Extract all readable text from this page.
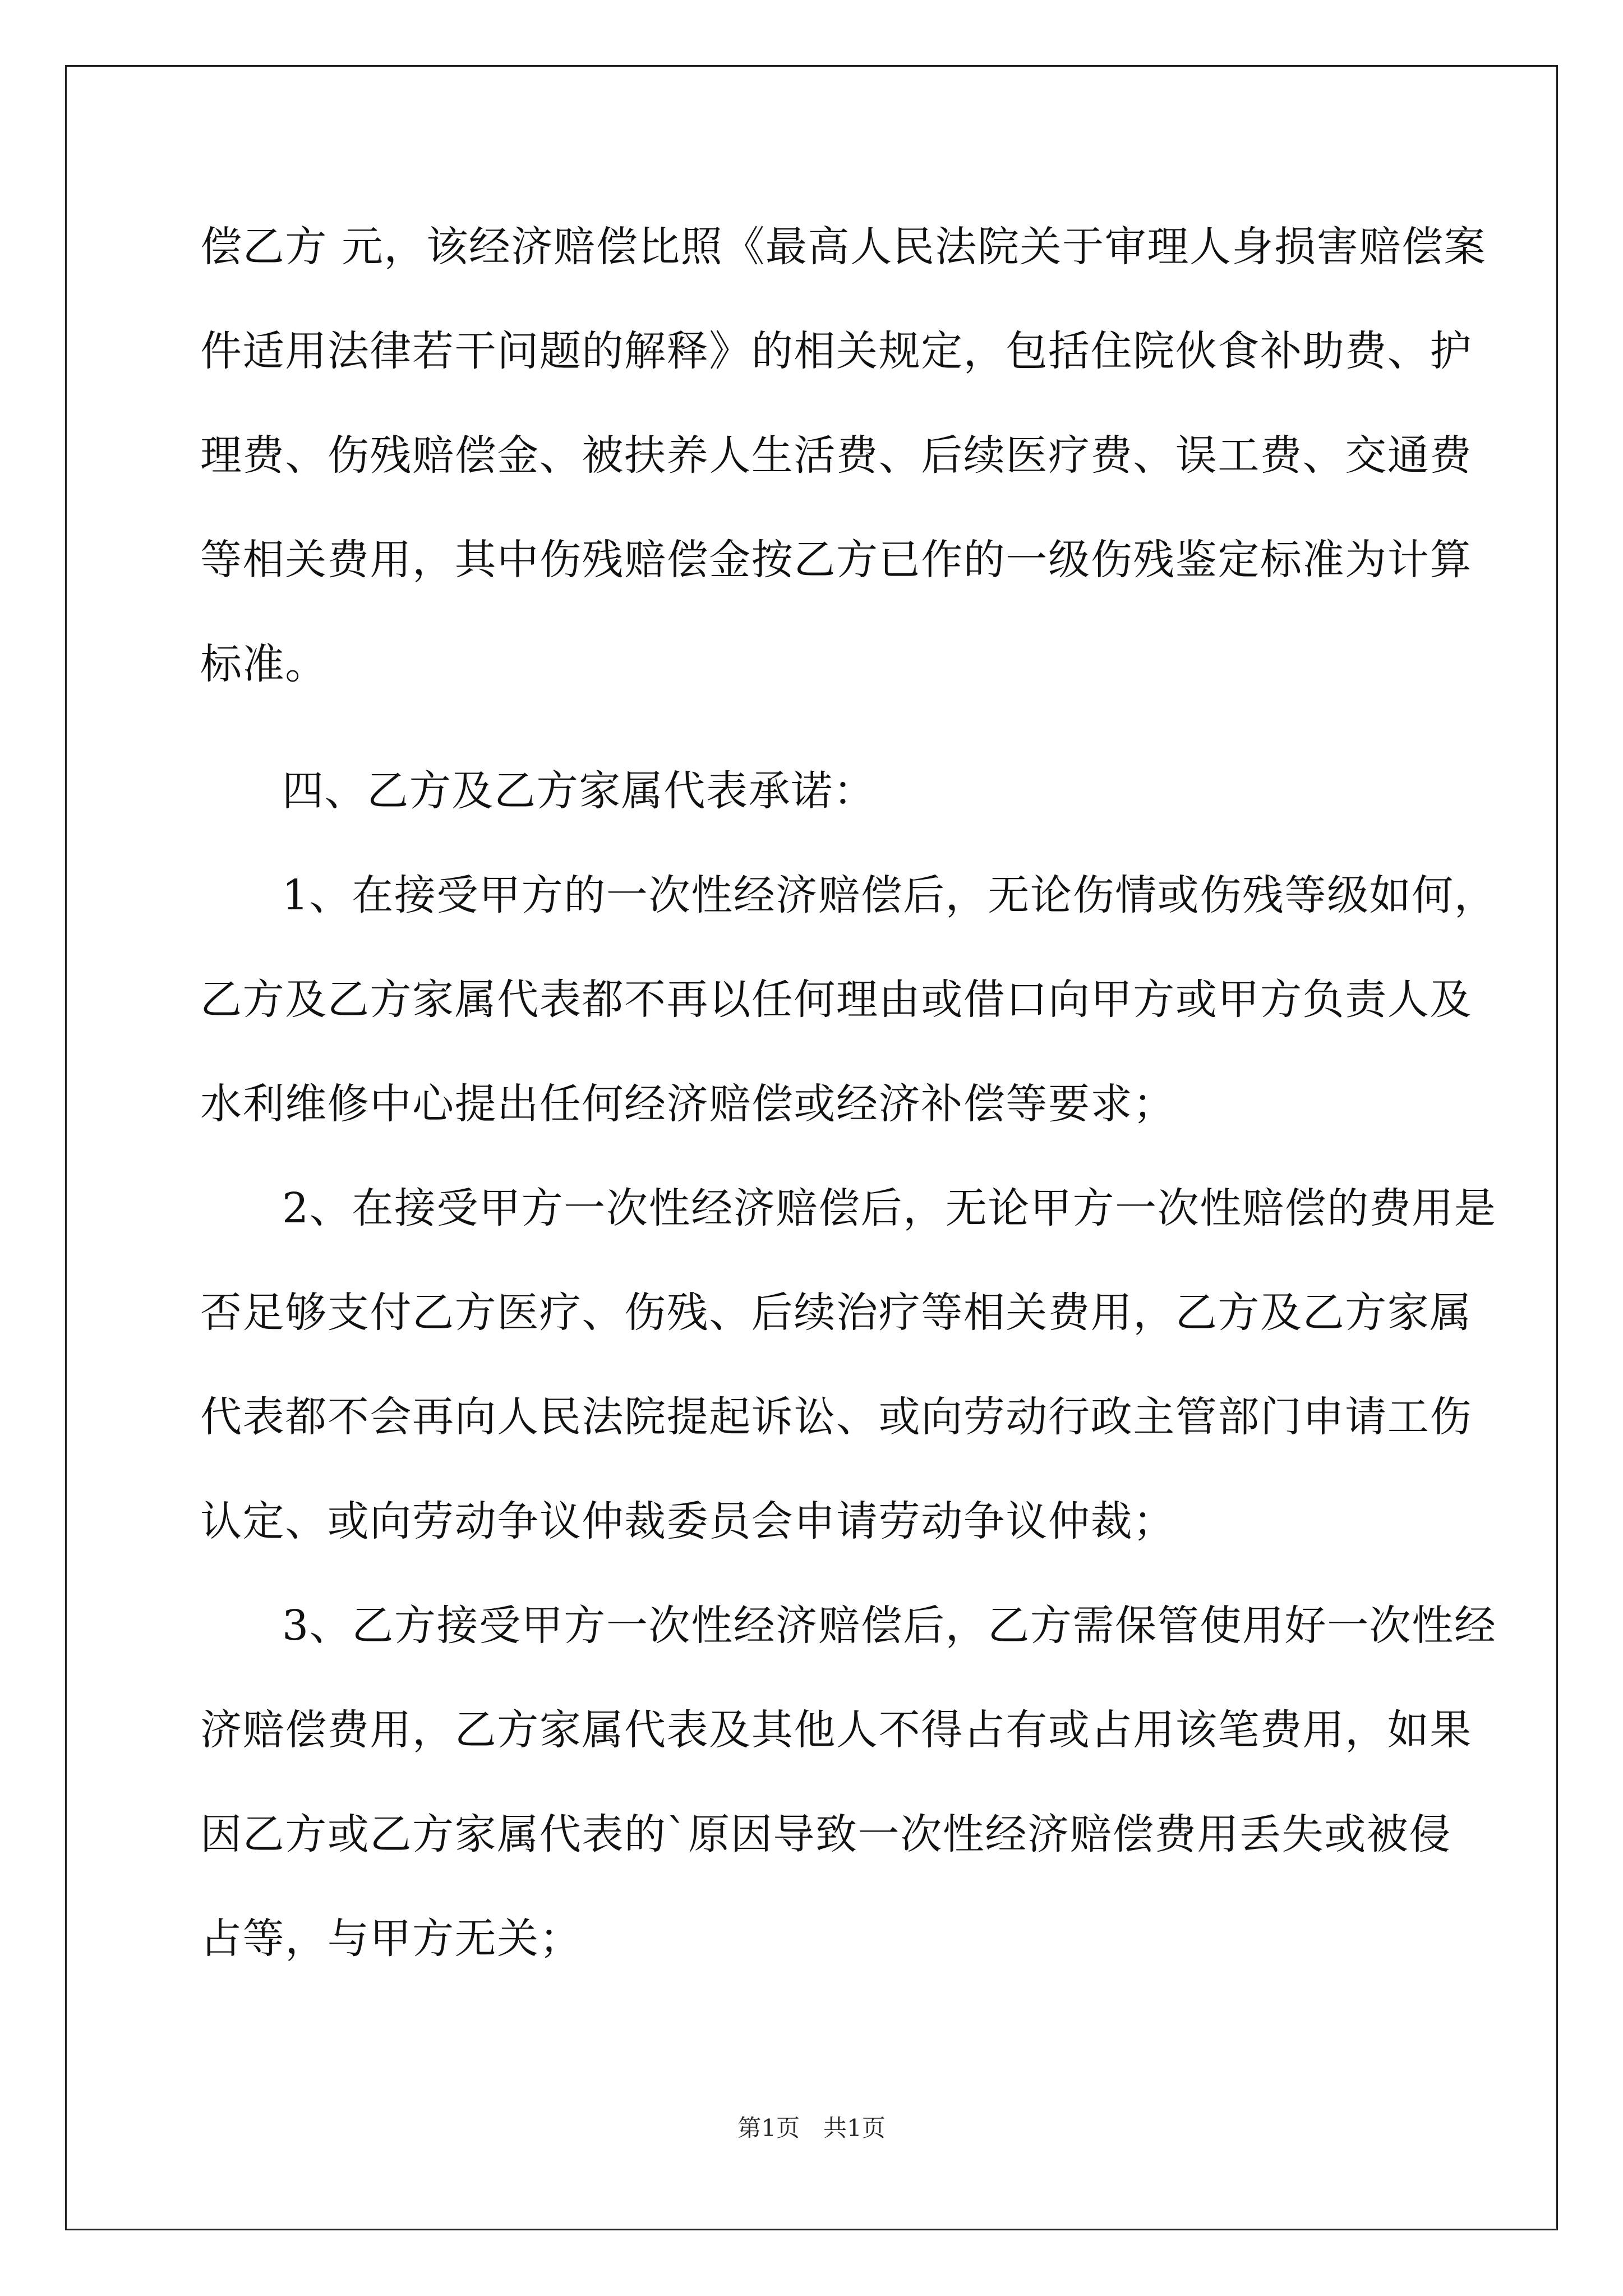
偿乙方 元，该经济赔偿比照《最高人民法院关于审理人身损害赔偿案
件适用法律若干问题的解释》的相关规定，包括住院伙食补助费、护
理费、伤残赔偿金、被扶养人生活费、后续医疗费、误工费、交通费
等相关费用，其中伤残赔偿金按乙方已作的一级伤残鉴定标准为计算
标准。
四、乙方及乙方家属代表承诺：
1、在接受甲方的一次性经济赔偿后，无论伤情或伤残等级如何，
乙方及乙方家属代表都不再以任何理由或借口向甲方或甲方负责人及
水利维修中心提出任何经济赔偿或经济补偿等要求；
2、在接受甲方一次性经济赔偿后，无论甲方一次性赔偿的费用是
否足够支付乙方医疗、伤残、后续治疗等相关费用，乙方及乙方家属
代表都不会再向人民法院提起诉讼、或向劳动行政主管部门申请工伤
认定、或向劳动争议仲裁委员会申请劳动争议仲裁；
3、乙方接受甲方一次性经济赔偿后，乙方需保管使用好一次性经
济赔偿费用，乙方家属代表及其他人不得占有或占用该笔费用，如果
因乙方或乙方家属代表的`原因导致一次性经济赔偿费用丢失或被侵
占等，与甲方无关；
第1页　共1页
